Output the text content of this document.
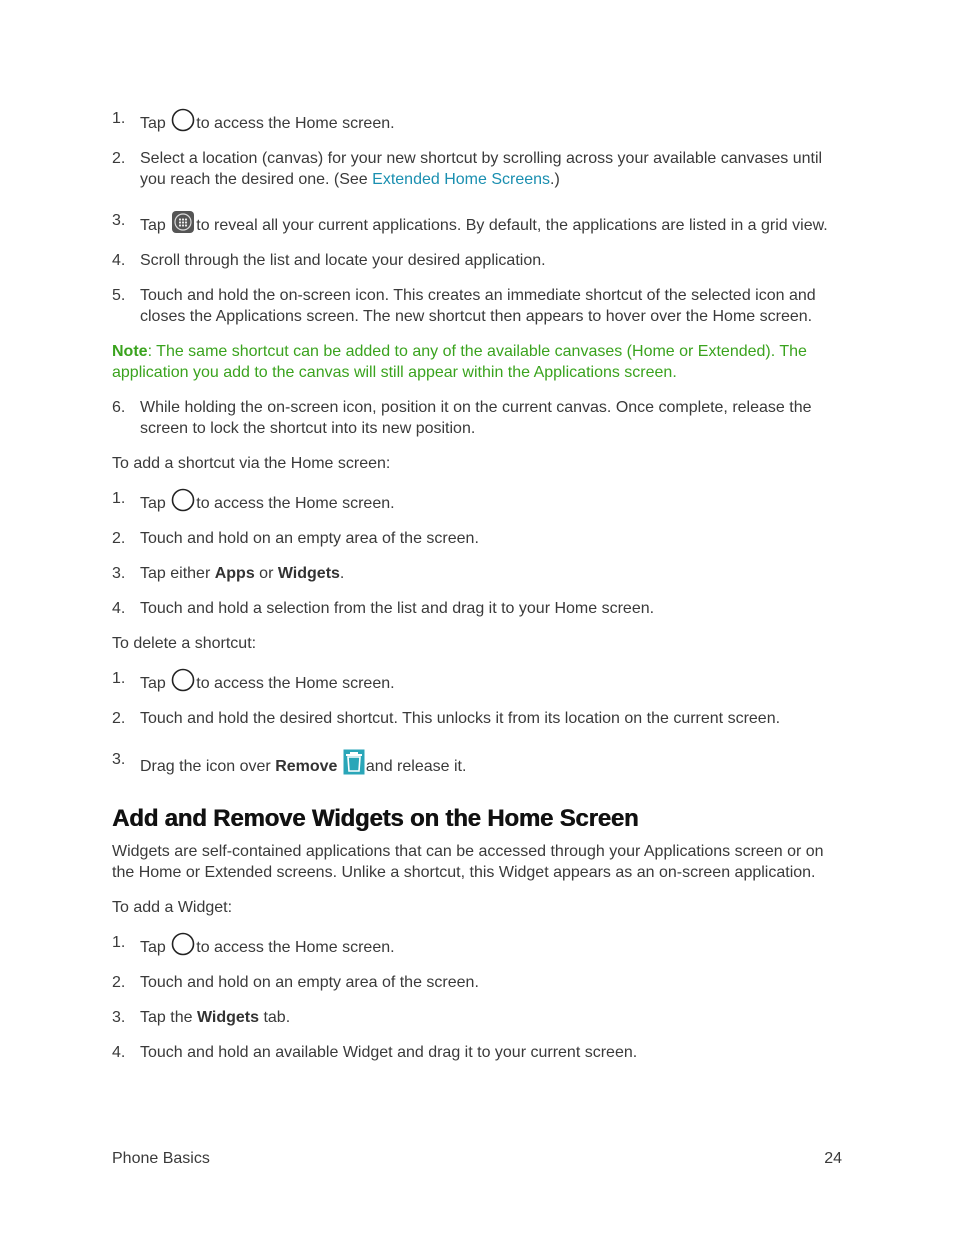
1. Tap to access the Home screen.
2. Select a location (canvas) for your new shortcut by scrolling across your available canvases until you reach the desired one. (See Extended Home Screens.)
3. Tap to reveal all your current applications. By default, the applications are listed in a grid view.
4. Scroll through the list and locate your desired application.
5. Touch and hold the on-screen icon. This creates an immediate shortcut of the selected icon and closes the Applications screen. The new shortcut then appears to hover over the Home screen.

Note: The same shortcut can be added to any of the available canvases (Home or Extended). The application you add to the canvas will still appear within the Applications screen.

6. While holding the on-screen icon, position it on the current canvas. Once complete, release the screen to lock the shortcut into its new position.

To add a shortcut via the Home screen:

1. Tap to access the Home screen.
2. Touch and hold on an empty area of the screen.
3. Tap either Apps or Widgets.
4. Touch and hold a selection from the list and drag it to your Home screen.

To delete a shortcut:

1. Tap to access the Home screen.
2. Touch and hold the desired shortcut. This unlocks it from its location on the current screen.
3. Drag the icon over Remove and release it.
Add and Remove Widgets on the Home Screen

Widgets are self-contained applications that can be accessed through your Applications screen or on the Home or Extended screens. Unlike a shortcut, this Widget appears as an on-screen application.

To add a Widget:

1. Tap to access the Home screen.
2. Touch and hold on an empty area of the screen.
3. Tap the Widgets tab.
4. Touch and hold an available Widget and drag it to your current screen.
Phone Basics	24
